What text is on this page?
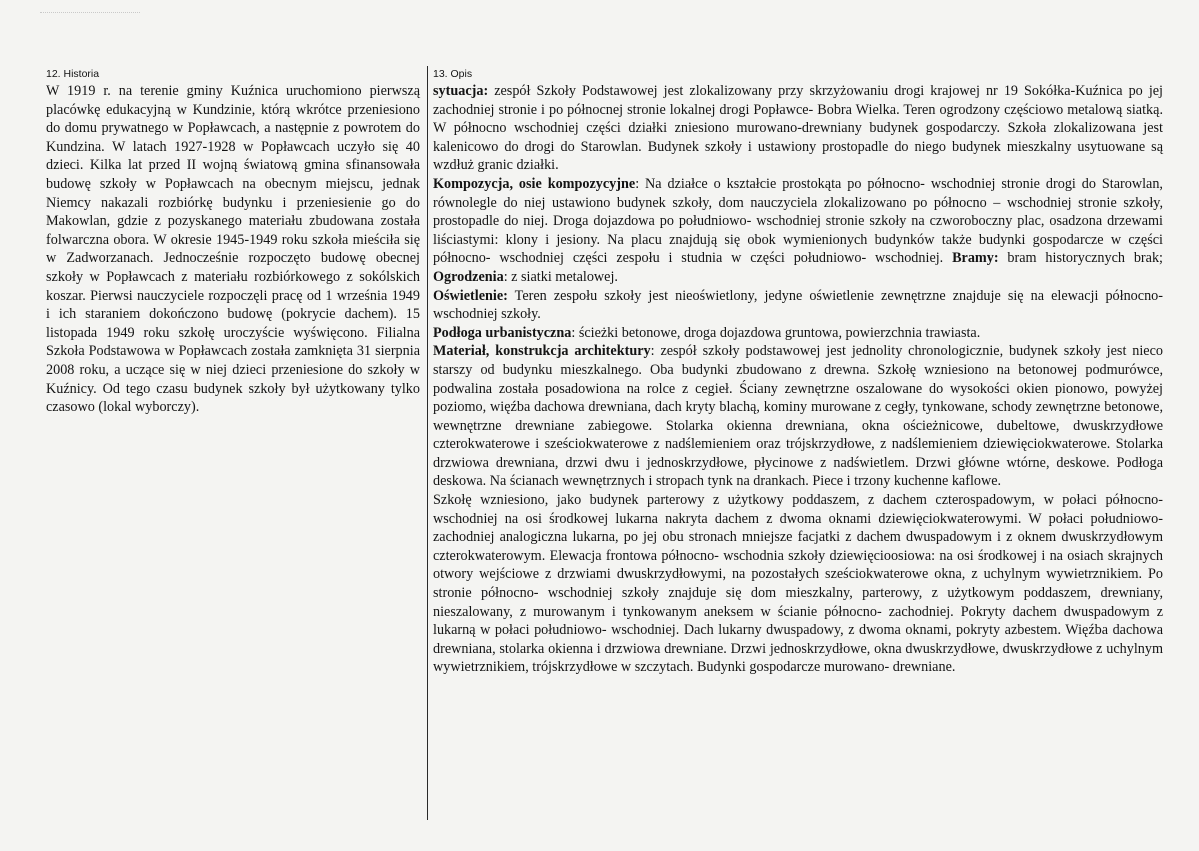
12. Historia

W 1919 r. na terenie gminy Kuźnica uruchomiono pierwszą placówkę edukacyjną w Kundzinie, którą wkrótce przeniesiono do domu prywatnego w Popławcach, a następnie z powrotem do Kundzina. W latach 1927-1928 w Popławcach uczyło się 40 dzieci. Kilka lat przed II wojną światową gmina sfinansowała budowę szkoły w Popławcach na obecnym miejscu, jednak Niemcy nakazali rozbiórkę budynku i przeniesienie go do Makowlan, gdzie z pozyskanego materiału zbudowana została folwarczna obora. W okresie 1945-1949 roku szkoła mieściła się w Zadworzanach. Jednocześnie rozpoczęto budowę obecnej szkoły w Popławcach z materiału rozbiórkowego z sokólskich koszar. Pierwsi nauczyciele rozpoczęli pracę od 1 września 1949 i ich staraniem dokończono budowę (pokrycie dachem). 15 listopada 1949 roku szkołę uroczyście wyświęcono. Filialna Szkoła Podstawowa w Popławcach została zamknięta 31 sierpnia 2008 roku, a uczące się w niej dzieci przeniesione do szkoły w Kuźnicy. Od tego czasu budynek szkoły był użytkowany tylko czasowo (lokal wyborczy).

13. Opis

sytuacja: zespół Szkoły Podstawowej jest zlokalizowany przy skrzyżowaniu drogi krajowej nr 19 Sokółka-Kuźnica po jej zachodniej stronie i po północnej stronie lokalnej drogi Popławce- Bobra Wielka. Teren ogrodzony częściowo metalową siatką. W północno wschodniej części działki zniesiono murowano-drewniany budynek gospodarczy. Szkoła zlokalizowana jest kalenicowo do drogi do Starowlan. Budynek szkoły i ustawiony prostopadle do niego budynek mieszkalny usytuowane są wzdłuż granic działki.
Kompozycja, osie kompozycyjne: Na działce o kształcie prostokąta po północno- wschodniej stronie drogi do Starowlan, równolegle do niej ustawiono budynek szkoły, dom nauczyciela zlokalizowano po północno – wschodniej stronie szkoły, prostopadle do niej. Droga dojazdowa po południowo- wschodniej stronie szkoły na czworoboczny plac, osadzona drzewami liściastymi: klony i jesiony. Na placu znajdują się obok wymienionych budynków także budynki gospodarcze w części północno- wschodniej części zespołu i studnia w części południowo- wschodniej. Bramy: bram historycznych brak; Ogrodzenia: z siatki metalowej.
Oświetlenie: Teren zespołu szkoły jest nieoświetlony, jedyne oświetlenie zewnętrzne znajduje się na elewacji północno- wschodniej szkoły.
Podłoga urbanistyczna: ścieżki betonowe, droga dojazdowa gruntowa, powierzchnia trawiasta.
Materiał, konstrukcja architektury: zespół szkoły podstawowej jest jednolity chronologicznie, budynek szkoły jest nieco starszy od budynku mieszkalnego. Oba budynki zbudowano z drewna. Szkołę wzniesiono na betonowej podmurówce, podwalina została posadowiona na rolce z cegieł. Ściany zewnętrzne oszalowane do wysokości okien pionowo, powyżej poziomo, więźba dachowa drewniana, dach kryty blachą, kominy murowane z cegły, tynkowane, schody zewnętrzne betonowe, wewnętrzne drewniane zabiegowe. Stolarka okienna drewniana, okna ościeżnicowe, dubeltowe, dwuskrzydłowe czterokwaterowe i sześciokwaterowe z nadślemieniem oraz trójskrzydłowe, z nadślemieniem dziewięciokwaterowe. Stolarka drzwiowa drewniana, drzwi dwu i jednoskrzydłowe, płycinowe z nadświetlem. Drzwi główne wtórne, deskowe. Podłoga deskowa. Na ścianach wewnętrznych i stropach tynk na drankach. Piece i trzony kuchenne kaflowe.

Szkołę wzniesiono, jako budynek parterowy z użytkowy poddaszem, z dachem czterospadowym, w połaci północno- wschodniej na osi środkowej lukarna nakryta dachem z dwoma oknami dziewięciokwaterowymi. W połaci południowo- zachodniej analogiczna lukarna, po jej obu stronach mniejsze facjatki z dachem dwuspadowym i z oknem dwuskrzydłowym czterokwaterowym. Elewacja frontowa północno- wschodnia szkoły dziewięcioosiowa: na osi środkowej i na osiach skrajnych otwory wejściowe z drzwiami dwuskrzydłowymi, na pozostałych sześciokwaterowe okna, z uchylnym wywietrznikiem. Po stronie północno- wschodniej szkoły znajduje się dom mieszkalny, parterowy, z użytkowym poddaszem, drewniany, nieszalowany, z murowanym i tynkowanym aneksem w ścianie północno- zachodniej. Pokryty dachem dwuspadowym z lukarną w połaci południowo- wschodniej. Dach lukarny dwuspadowy, z dwoma oknami, pokryty azbestem. Więźba dachowa drewniana, stolarka okienna i drzwiowa drewniane. Drzwi jednoskrzydłowe, okna dwuskrzydłowe, dwuskrzydłowe z uchylnym wywietrznikiem, trójskrzydłowe w szczytach. Budynki gospodarcze murowano- drewniane.
